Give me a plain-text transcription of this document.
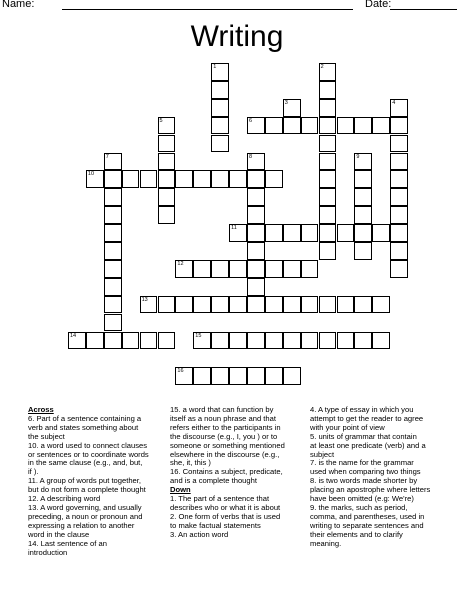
Name:	Date:
Writing
1	2
3	4
5	6
7	8	9
10
11
12
13
14	15
16
Across
6. Part of a sentence containing a
verb and states something about
the subject
10. a word used to connect clauses
or sentences or to coordinate words
in the same clause (e.g., and, but,
if ).
11. A group of words put together,
but do not form a complete thought
12. A describing word
13. A word governing, and usually
preceding, a noun or pronoun and
expressing a relation to another
word in the clause
14. Last sentence of an
introduction
15. a word that can function by
itself as a noun phrase and that
refers either to the participants in
the discourse (e.g., I, you ) or to
someone or something mentioned
elsewhere in the discourse (e.g.,
she, it, this )
16. Contains a subject, predicate,
and is a complete thought
Down
1. The part of a sentence that
describes who or what it is about
2. One form of verbs that is used
to make factual statements
3. An action word
4. A type of essay in which you
attempt to get the reader to agree
with your point of view
5. units of grammar that contain
at least one predicate (verb) and a
subject
7. is the name for the grammar
used when comparing two things
8. is two words made shorter by
placing an apostrophe where letters
have been omitted (e.g: We're)
9. the marks, such as period,
comma, and parentheses, used in
writing to separate sentences and
their elements and to clarify
meaning.
